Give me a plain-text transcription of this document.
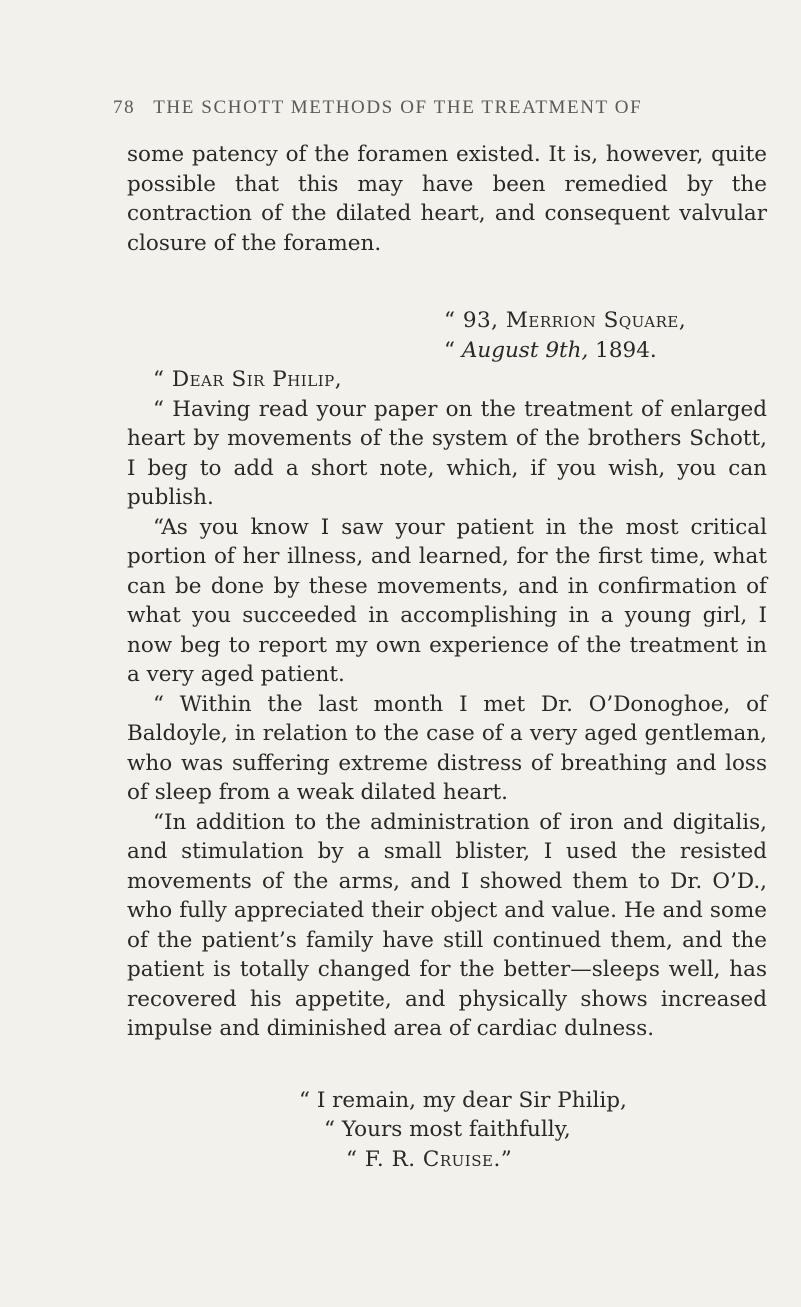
78 THE SCHOTT METHODS OF THE TREATMENT OF

some patency of the foramen existed. It is, however, quite possible that this may have been remedied by the contraction of the dilated heart, and consequent valvular closure of the foramen.

“ 93, Merrion Square,

“ August 9th, 1894.

“ Dear Sir Philip,

“ Having read your paper on the treatment of enlarged heart by movements of the system of the brothers Schott, I beg to add a short note, which, if you wish, you can publish.

“As you know I saw your patient in the most critical portion of her illness, and learned, for the first time, what can be done by these movements, and in confirmation of what you succeeded in accomplishing in a young girl, I now beg to report my own experience of the treatment in a very aged patient.

“ Within the last month I met Dr. O’Donoghoe, of Baldoyle, in relation to the case of a very aged gentleman, who was suffering extreme distress of breathing and loss of sleep from a weak dilated heart.

“In addition to the administration of iron and digitalis, and stimulation by a small blister, I used the resisted movements of the arms, and I showed them to Dr. O’D., who fully appreciated their object and value. He and some of the patient’s family have still continued them, and the patient is totally changed for the better—sleeps well, has recovered his appetite, and physically shows increased impulse and diminished area of cardiac dulness.

“ I remain, my dear Sir Philip,

“ Yours most faithfully,

“ F. R. Cruise.”
